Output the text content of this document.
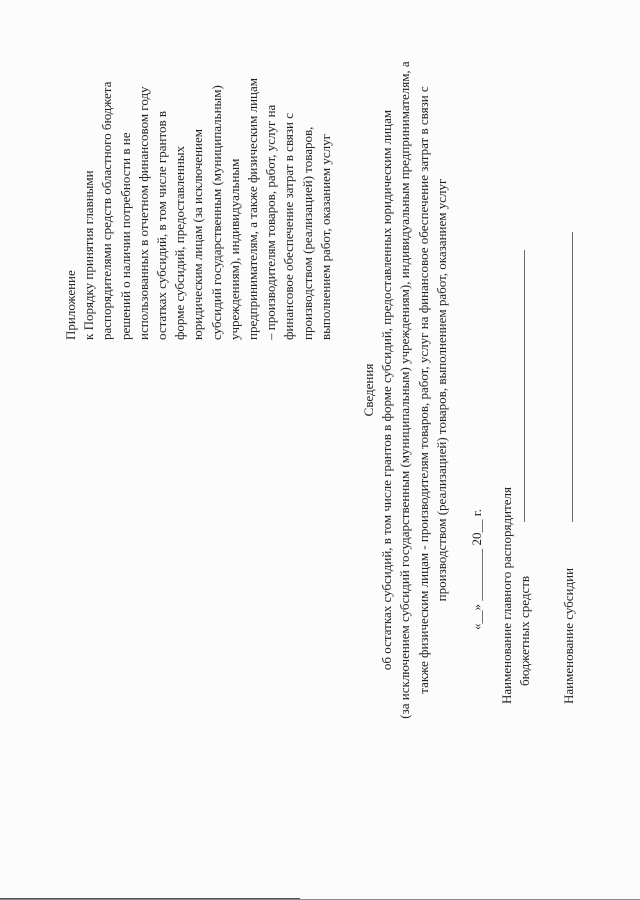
Приложение к Порядку принятия главными распорядителями средств областного бюджета решений о наличии потребности в не использованных в отчетном финансовом году остатках субсидий, в том числе грантов в форме субсидий, предоставленных юридическим лицам (за исключением субсидий государственным (муниципальным) учреждениям), индивидуальным предпринимателям, а также физическим лицам – производителям товаров, работ, услуг на финансовое обеспечение затрат в связи с производством (реализацией) товаров, выполнением работ, оказанием услуг
Сведения об остатках субсидий, в том числе грантов в форме субсидий, предоставленных юридическим лицам (за исключением субсидий государственным (муниципальным) учреждениям), индивидуальным предпринимателям, а также физическим лицам - производителям товаров, работ, услуг на финансовое обеспечение затрат в связи с производством (реализацией) товаров, выполнением работ, оказанием услуг «__» ________ 20__ г. Наименование главного распорядителя бюджетных средств Наименование субсидии
